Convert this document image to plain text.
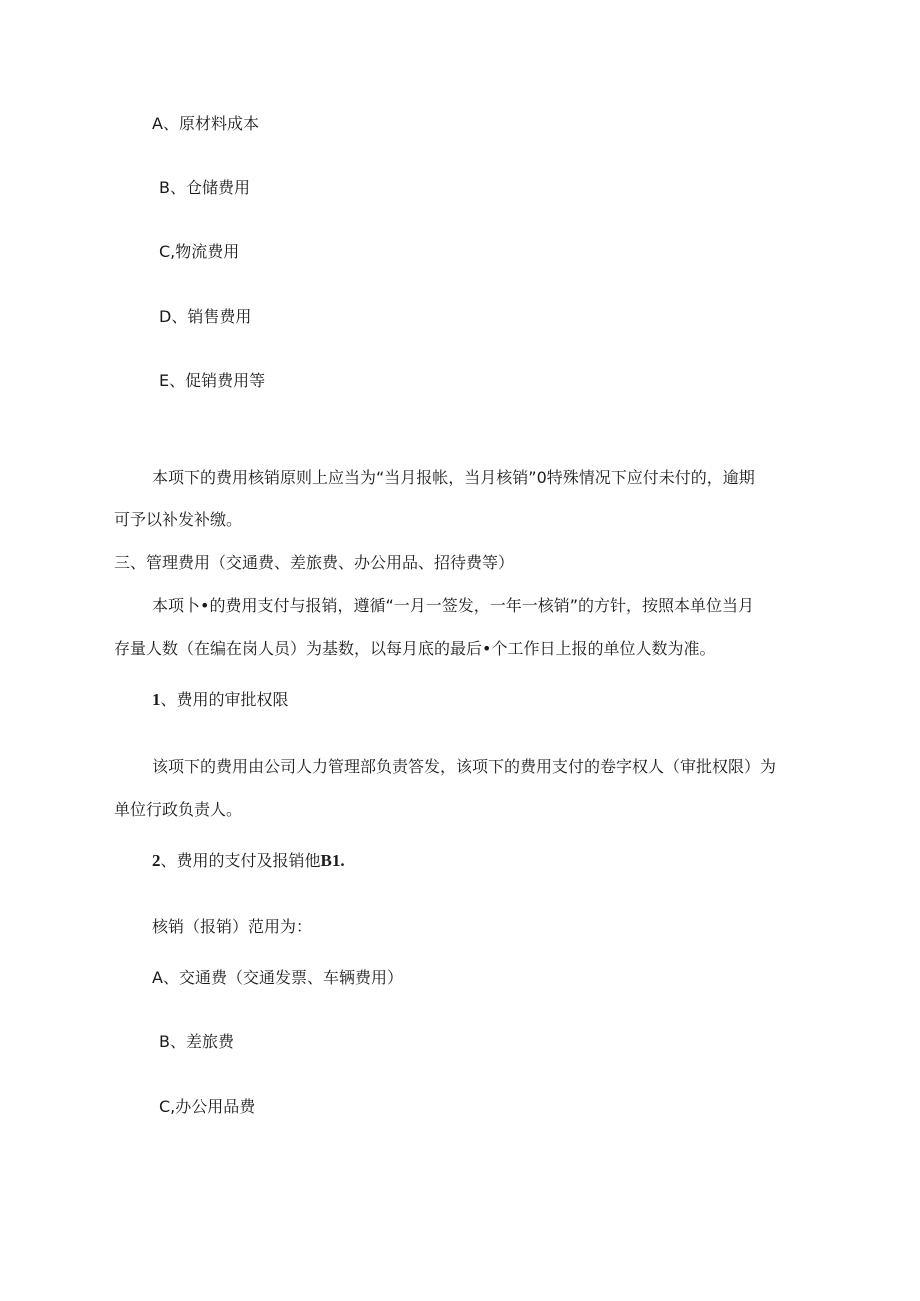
A、原材料成本
B、仓储费用
C,物流费用
D、销售费用
E、促销费用等
本项下的费用核销原则上应当为“当月报帐，当月核销”0特殊情况下应付未付的，逾期
可予以补发补缴。
三、管理费用（交通费、差旅费、办公用品、招待费等）
本项卜•的费用支付与报销，遵循“一月一签发，一年一核销”的方针，按照本单位当月
存量人数（在编在岗人员）为基数，以每月底的最后•个工作日上报的单位人数为准。
1、费用的审批权限
该项下的费用由公司人力管理部负责答发，该项下的费用支付的卷字权人（审批权限）为
单位行政负责人。
2、费用的支付及报销他B1.
核销（报销）范用为：
A、交通费（交通发票、车辆费用）
B、差旅费
C,办公用品费
